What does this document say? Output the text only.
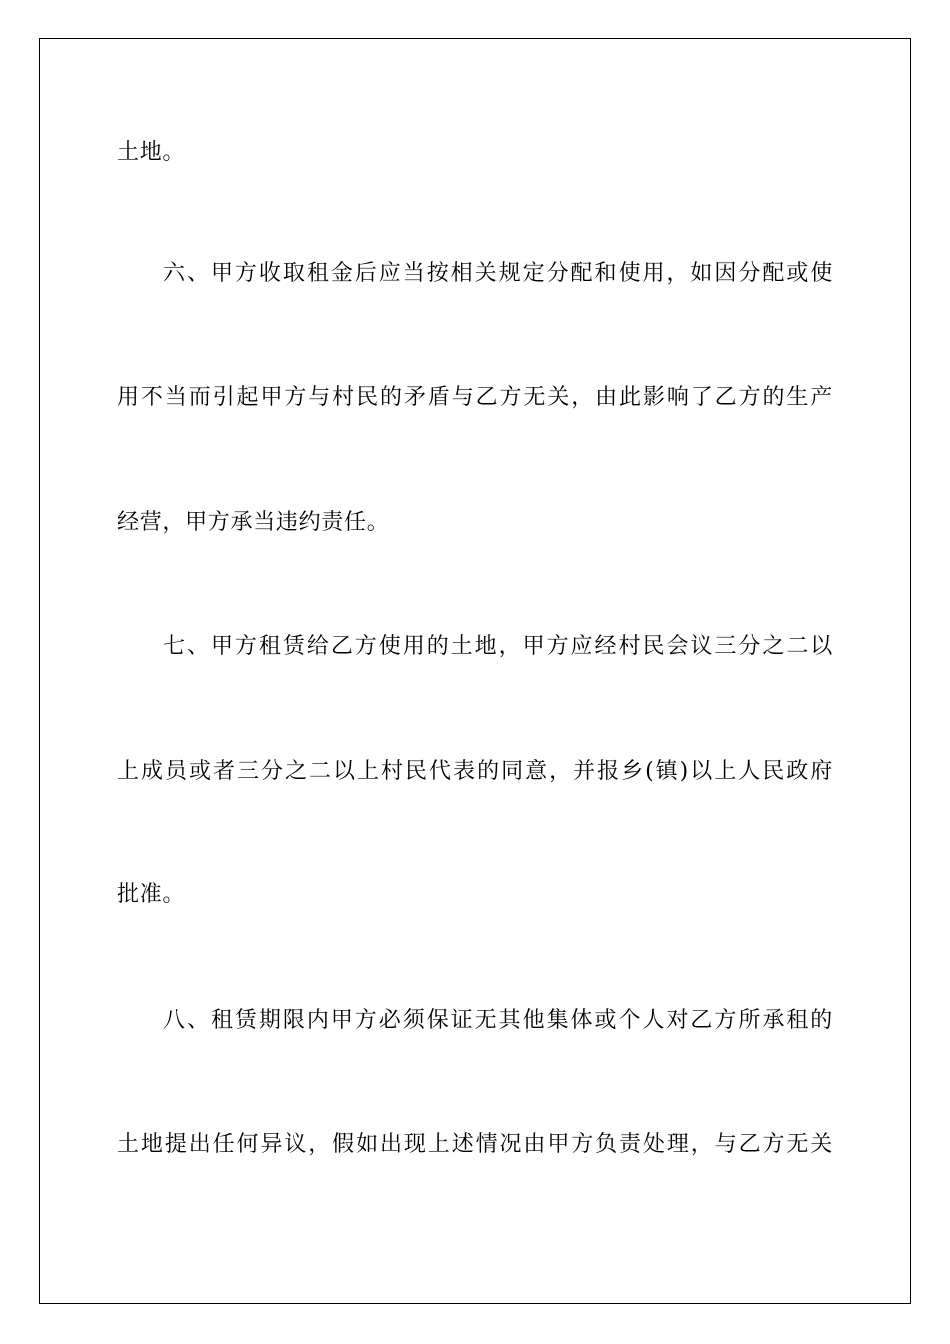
土地。
六、甲方收取租金后应当按相关规定分配和使用，如因分配或使
用不当而引起甲方与村民的矛盾与乙方无关，由此影响了乙方的生产
经营，甲方承当违约责任。
七、甲方租赁给乙方使用的土地，甲方应经村民会议三分之二以
上成员或者三分之二以上村民代表的同意，并报乡(镇)以上人民政府
批准。
八、租赁期限内甲方必须保证无其他集体或个人对乙方所承租的
土地提出任何异议，假如出现上述情况由甲方负责处理，与乙方无关
